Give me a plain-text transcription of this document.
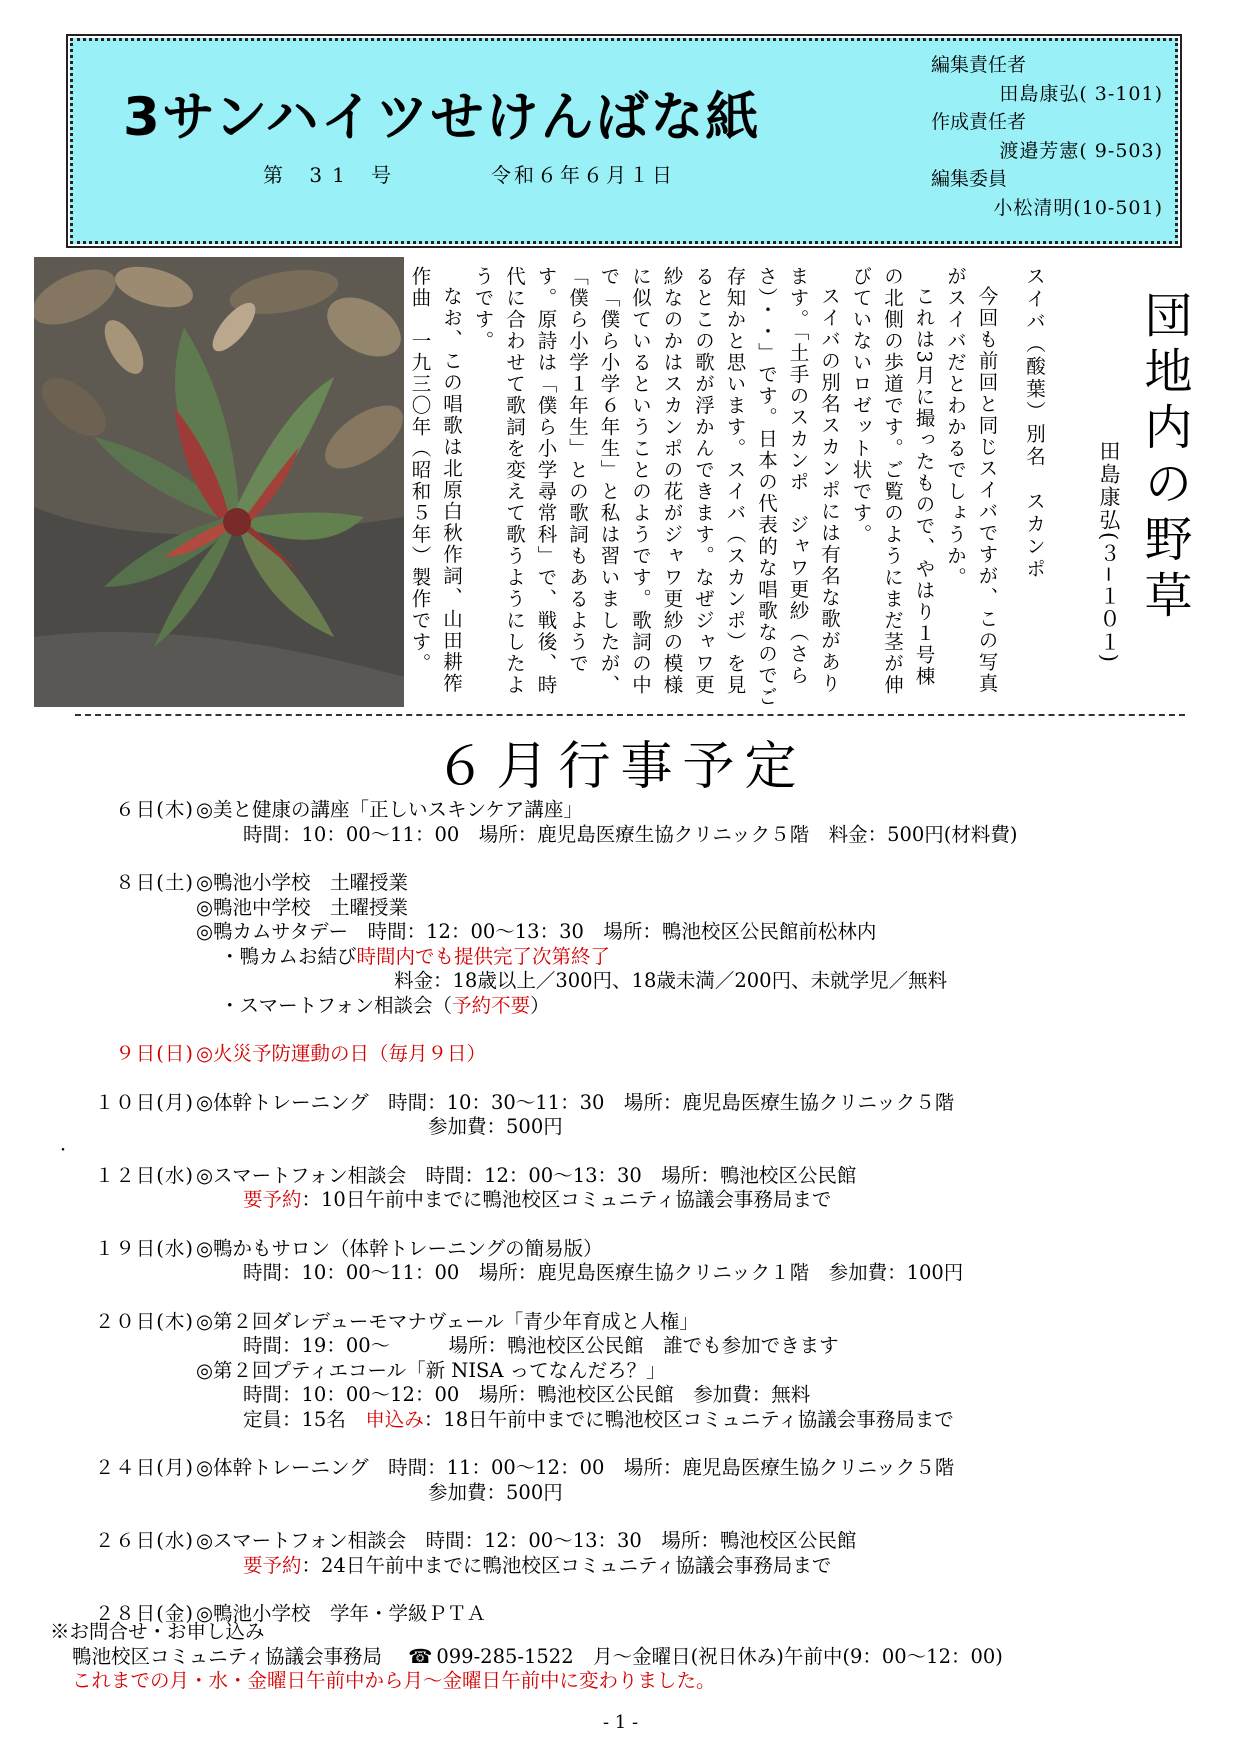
3サンハイツせけんばな紙
第 31 号	令和６年６月１日
編集責任者
田島康弘( 3-101)
作成責任者
渡邉芳憲( 9-503)
編集委員
小松清明(10-501)
団地内の野草
田島康弘(３−１０１)

スイバ（酸葉）別名　スカンポ

今回も前回と同じスイバですが、この写真がスイバだとわかるでしょうか。

これは3月に撮ったもので、やはり１号棟の北側の歩道です。ご覧のようにまだ茎が伸びていないロゼット状です。

スイバの別名スカンポには有名な歌があります。「土手のスカンポ　ジャワ更紗（さらさ）・・」です。日本の代表的な唱歌なのでご存知かと思います。スイバ（スカンポ）を見るとこの歌が浮かんできます。なぜジャワ更紗なのかはスカンポの花がジャワ更紗の模様に似ているということのようです。歌詞の中で「僕ら小学６年生」と私は習いましたが、「僕ら小学１年生」との歌詞もあるようです。原詩は「僕ら小学尋常科」で、戦後、時代に合わせて歌詞を変えて歌うようにしたようです。

なお、この唱歌は北原白秋作詞、山田耕筰作曲　一九三〇年（昭和５年）製作です。

６月行事予定
６日(木) ◎美と健康の講座「正しいスキンケア講座」
時間：10：00〜11：00　場所：鹿児島医療生協クリニック５階　料金：500円(材料費)
８日(土) ◎鴨池小学校　土曜授業
◎鴨池中学校　土曜授業
◎鴨カムサタデー　時間：12：00〜13：30　場所：鴨池校区公民館前松林内
・鴨カムお結び時間内でも提供完了次第終了
料金：18歳以上／300円、18歳未満／200円、未就学児／無料
・スマートフォン相談会（予約不要）
９日(日) ◎火災予防運動の日（毎月９日）
１０日(月) ◎体幹トレーニング　時間：10：30〜11：30　場所：鹿児島医療生協クリニック５階
参加費：500円
・
１２日(水) ◎スマートフォン相談会　時間：12：00〜13：30　場所：鴨池校区公民館
要予約：10日午前中までに鴨池校区コミュニティ協議会事務局まで
１９日(水) ◎鴨かもサロン（体幹トレーニングの簡易版）
時間：10：00〜11：00　場所：鹿児島医療生協クリニック１階　参加費：100円
２０日(木) ◎第２回ダレデューモマナヴェール「青少年育成と人権」
時間：19：00〜　　　場所：鴨池校区公民館　誰でも参加できます
◎第２回プティエコール「新 NISA ってなんだろ？」
時間：10：00〜12：00　場所：鴨池校区公民館　参加費：無料
定員：15名　申込み：18日午前中までに鴨池校区コミュニティ協議会事務局まで
２４日(月) ◎体幹トレーニング　時間：11：00〜12：00　場所：鹿児島医療生協クリニック５階
参加費：500円
２６日(水) ◎スマートフォン相談会　時間：12：00〜13：30　場所：鴨池校区公民館
要予約：24日午前中までに鴨池校区コミュニティ協議会事務局まで
２８日(金) ◎鴨池小学校　学年・学級ＰＴＡ
※お問合せ・お申し込み
鴨池校区コミュニティ協議会事務局 ☎ 099-285-1522　 月〜金曜日(祝日休み)午前中(9：00〜12：00)
これまでの月・水・金曜日午前中から月〜金曜日午前中に変わりました。
- 1 -
